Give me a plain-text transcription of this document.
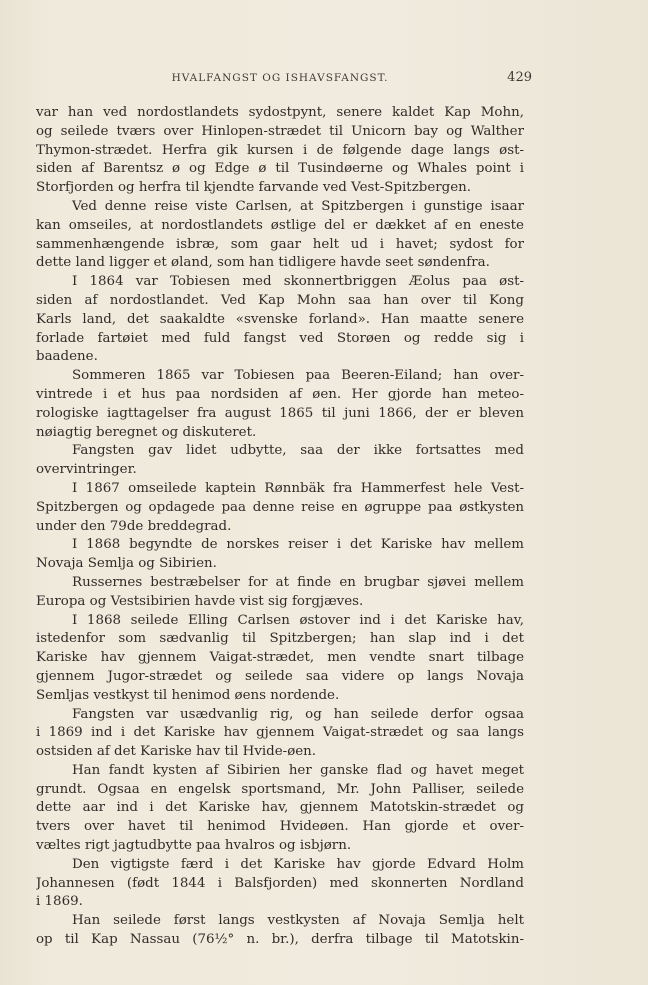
HVALFANGST OG ISHAVSFANGST.	429
var han ved nordostlandets sydostpynt, senere kaldet Kap Mohn,
og seilede tværs over Hinlopen-strædet til Unicorn bay og Walther
Thymon-strædet. Herfra gik kursen i de følgende dage langs øst-
siden af Barentsz ø og Edge ø til Tusindøerne og Whales point i
Storfjorden og herfra til kjendte farvande ved Vest-Spitzbergen.
Ved denne reise viste Carlsen, at Spitzbergen i gunstige isaar
kan omseiles, at nordostlandets østlige del er dækket af en eneste
sammenhængende isbræ, som gaar helt ud i havet; sydost for
dette land ligger et øland, som han tidligere havde seet søndenfra.
I 1864 var Tobiesen med skonnertbriggen Æolus paa øst-
siden af nordostlandet. Ved Kap Mohn saa han over til Kong
Karls land, det saakaldte «svenske forland». Han maatte senere
forlade fartøiet med fuld fangst ved Storøen og redde sig i
baadene.
Sommeren 1865 var Tobiesen paa Beeren-Eiland; han over-
vintrede i et hus paa nordsiden af øen. Her gjorde han meteo-
rologiske iagttagelser fra august 1865 til juni 1866, der er bleven
nøiagtig beregnet og diskuteret.
Fangsten gav lidet udbytte, saa der ikke fortsattes med
overvintringer.
I 1867 omseilede kaptein Rønnbäk fra Hammerfest hele Vest-
Spitzbergen og opdagede paa denne reise en øgruppe paa østkysten
under den 79de breddegrad.
I 1868 begyndte de norskes reiser i det Kariske hav mellem
Novaja Semlja og Sibirien.
Russernes bestræbelser for at finde en brugbar sjøvei mellem
Europa og Vestsibirien havde vist sig forgjæves.
I 1868 seilede Elling Carlsen østover ind i det Kariske hav,
istedenfor som sædvanlig til Spitzbergen; han slap ind i det
Kariske hav gjennem Vaigat-strædet, men vendte snart tilbage
gjennem Jugor-strædet og seilede saa videre op langs Novaja
Semljas vestkyst til henimod øens nordende.
Fangsten var usædvanlig rig, og han seilede derfor ogsaa
i 1869 ind i det Kariske hav gjennem Vaigat-strædet og saa langs
ostsiden af det Kariske hav til Hvide-øen.
Han fandt kysten af Sibirien her ganske flad og havet meget
grundt. Ogsaa en engelsk sportsmand, Mr. John Palliser, seilede
dette aar ind i det Kariske hav, gjennem Matotskin-strædet og
tvers over havet til henimod Hvideøen. Han gjorde et over-
væltes rigt jagtudbytte paa hvalros og isbjørn.
Den vigtigste færd i det Kariske hav gjorde Edvard Holm
Johannesen (født 1844 i Balsfjorden) med skonnerten Nordland
i 1869.
Han seilede først langs vestkysten af Novaja Semlja helt
op til Kap Nassau (76½° n. br.), derfra tilbage til Matotskin-
